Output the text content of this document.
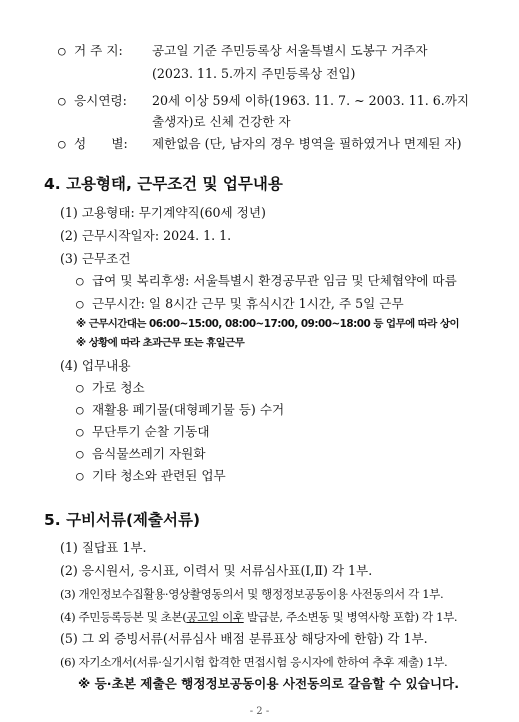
○ 거 주 지: 공고일 기준 주민등록상 서울특별시 도봉구 거주자
(2023. 11. 5.까지 주민등록상 전입)
○ 응시연령: 20세 이상 59세 이하(1963. 11. 7. ~ 2003. 11. 6.까지
출생자)로 신체 건강한 자
○ 성　　별: 제한없음 (단, 남자의 경우 병역을 필하였거나 면제된 자)
4. 고용형태, 근무조건 및 업무내용
(1) 고용형태: 무기계약직(60세 정년)
(2) 근무시작일자: 2024. 1. 1.
(3) 근무조건
○ 급여 및 복리후생: 서울특별시 환경공무관 임금 및 단체협약에 따름
○ 근무시간: 일 8시간 근무 및 휴식시간 1시간, 주 5일 근무
※ 근무시간대는 06:00~15:00, 08:00~17:00, 09:00~18:00 등 업무에 따라 상이
※ 상황에 따라 초과근무 또는 휴일근무
(4) 업무내용
○ 가로 청소
○ 재활용 폐기물(대형폐기물 등) 수거
○ 무단투기 순찰 기동대
○ 음식물쓰레기 자원화
○ 기타 청소와 관련된 업무
5. 구비서류(제출서류)
(1) 질답표 1부.
(2) 응시원서, 응시표, 이력서 및 서류심사표(Ⅰ,Ⅱ) 각 1부.
(3) 개인정보수집활용·영상촬영동의서 및 행정정보공동이용 사전동의서 각 1부.
(4) 주민등록등본 및 초본(공고일 이후 발급분, 주소변동 및 병역사항 포함) 각 1부.
(5) 그 외 증빙서류(서류심사 배점 분류표상 해당자에 한함) 각 1부.
(6) 자기소개서(서류·실기시험 합격한 면접시험 응시자에 한하여 추후 제출) 1부.
※ 등·초본 제출은 행정정보공동이용 사전동의로 갈음할 수 있습니다.
- 2 -
